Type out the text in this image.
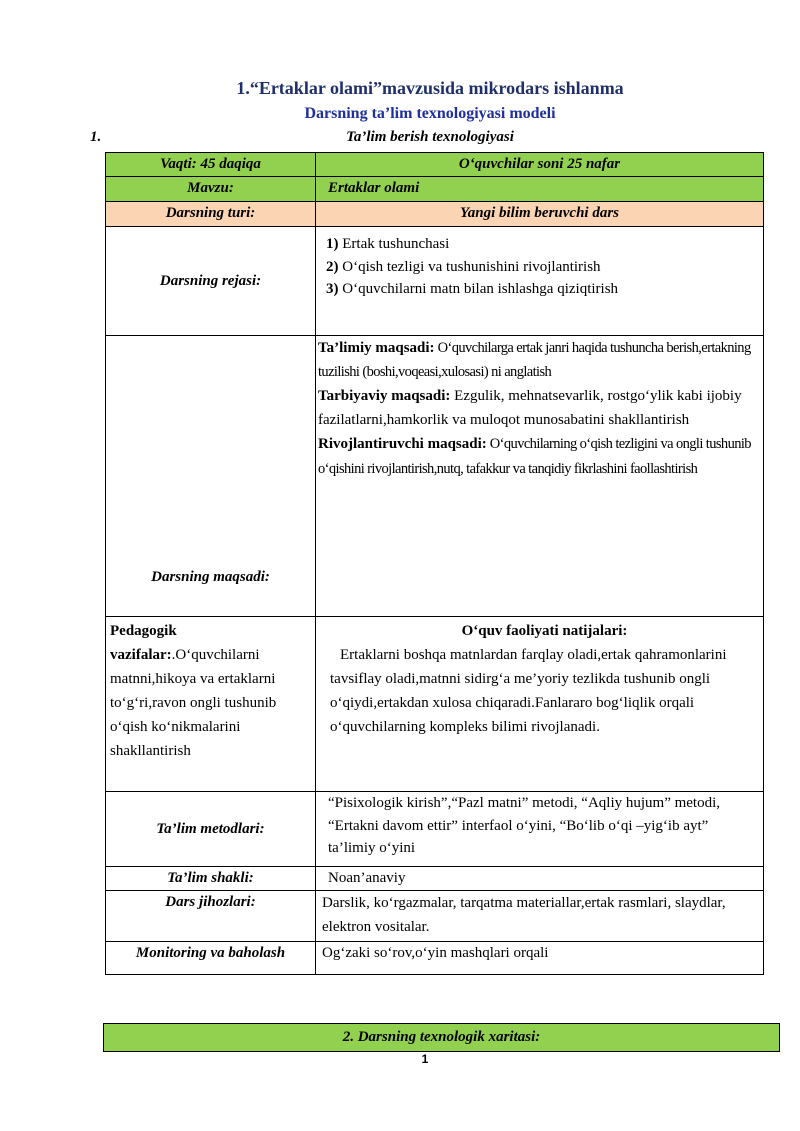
1.“Ertaklar olami”mavzusida mikrodars ishlanma
Darsning ta’lim texnologiyasi modeli
1.	Ta’lim berish texnologiyasi
Vaqti: 45 daqiqa	O‘quvchilar soni 25 nafar
Mavzu:	Ertaklar olami
Darsning turi:	Yangi bilim beruvchi dars
Darsning rejasi:	1) Ertak tushunchasi
2) O‘qish tezligi va tushunishini rivojlantirish
3) O‘quvchilarni matn bilan ishlashga qiziqtirish

Darsning maqsadi:	Ta’limiy maqsadi: O‘quvchilarga ertak janri haqida tushuncha berish,ertakning tuzilishi (boshi,voqeasi,xulosasi) ni anglatish
Tarbiyaviy maqsadi: Ezgulik, mehnatsevarlik, rostgo‘ylik kabi ijobiy fazilatlarni,hamkorlik va muloqot munosabatini shakllantirish
Rivojlantiruvchi maqsadi: O‘quvchilarning o‘qish tezligini va ongli tushunib o‘qishini rivojlantirish,nutq, tafakkur va tanqidiy fikrlashini faollashtirish

Pedagogik vazifalar:.O‘quvchilarni matnni,hikoya va ertaklarni to‘g‘ri,ravon ongli tushunib o‘qish ko‘nikmalarini shakllantirish	O‘quv faoliyati natijalari:
Ertaklarni boshqa matnlardan farqlay oladi,ertak qahramonlarini tavsiflay oladi,matnni sidirg‘a me’yoriy tezlikda tushunib ongli o‘qiydi,ertakdan xulosa chiqaradi.Fanlararo bog‘liqlik orqali o‘quvchilarning kompleks bilimi rivojlanadi.

Ta’lim metodlari:	“Pisixologik kirish”,“Pazl matni” metodi, “Aqliy hujum” metodi, “Ertakni davom ettir” interfaol o‘yini, “Bo‘lib o‘qi –yig‘ib ayt” ta’limiy o‘yini
Ta’lim shakli:	Noan’anaviy
Dars jihozlari:	Darslik, ko‘rgazmalar, tarqatma materiallar,ertak rasmlari, slaydlar, elektron vositalar.
Monitoring va baholash	Og‘zaki so‘rov,o‘yin mashqlari orqali
2. Darsning texnologik xaritasi:
1
